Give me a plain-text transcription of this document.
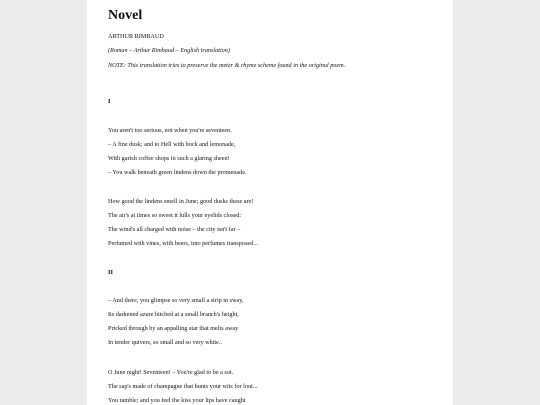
Novel
ARTHUR RIMBAUD
(Roman – Arthur Rimbaud – English translation)
NOTE: This translation tries to preserve the meter & rhyme scheme found in the original poem.
I
You aren't too serious, not when you're seventeen.
– A fine dusk; and to Hell with bock and lemonade,
With garish coffee shops in such a glaring sheen!
– You walk beneath green lindens down the promenade.
How good the lindens smell in June; good dusks these are!
The air's at times so sweet it lulls your eyelids closed:
The wind's all charged with noise – the city isn't far –
Perfumed with vines, with beers, into perfumes transposed...
II
– And there, you glimpse so very small a strip in sway,
Its darkened azure hitched at a small branch's height,
Pricked through by an appalling star that melts away
In tender quivers, so small and so very white..
O June night! Seventeen! – You're glad to be a sot.
The sap's made of champagne that hunts your wits for loot...
You ramble; and you feel the kiss your lips have caught
